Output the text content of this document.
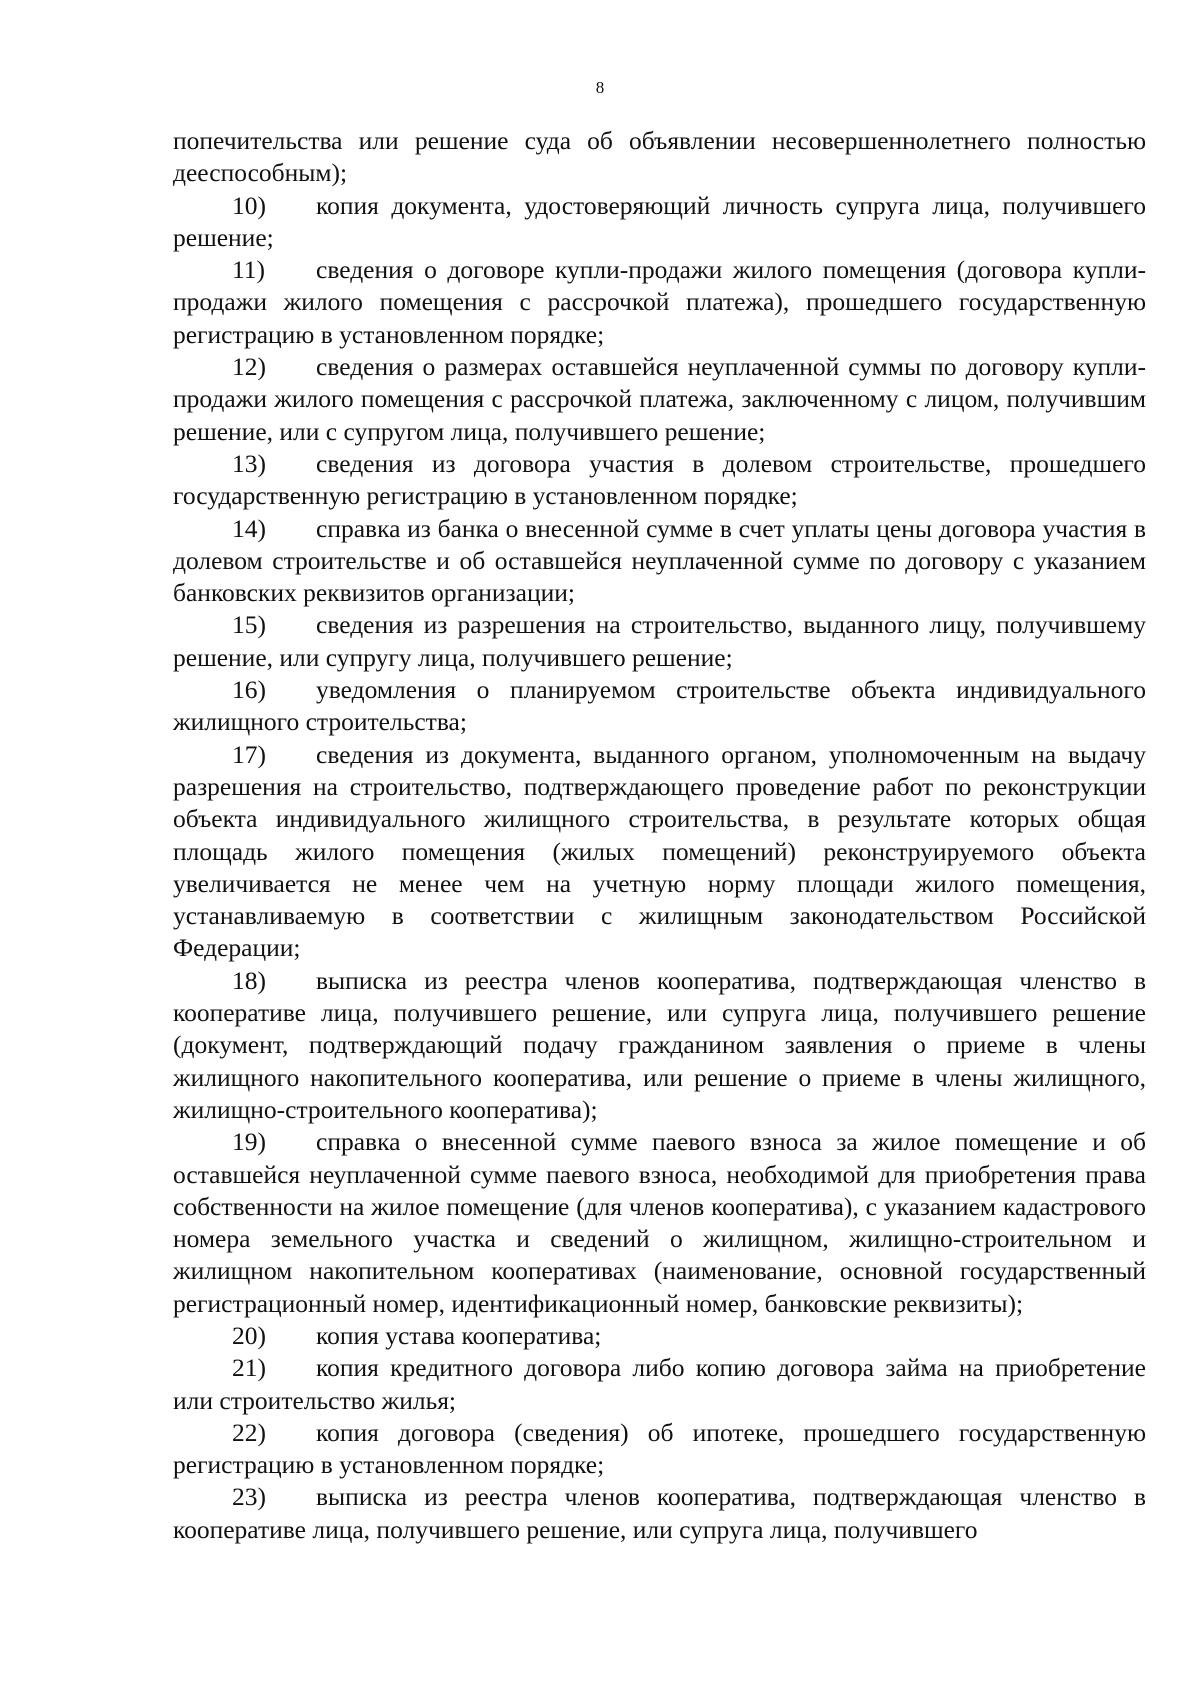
8

попечительства или решение суда об объявлении несовершеннолетнего полностью дееспособным);

10) копия документа, удостоверяющий личность супруга лица, получившего решение;

11) сведения о договоре купли-продажи жилого помещения (договора купли-продажи жилого помещения с рассрочкой платежа), прошедшего государственную регистрацию в установленном порядке;

12) сведения о размерах оставшейся неуплаченной суммы по договору купли-продажи жилого помещения с рассрочкой платежа, заключенному с лицом, получившим решение, или с супругом лица, получившего решение;

13) сведения из договора участия в долевом строительстве, прошедшего государственную регистрацию в установленном порядке;

14) справка из банка о внесенной сумме в счет уплаты цены договора участия в долевом строительстве и об оставшейся неуплаченной сумме по договору с указанием банковских реквизитов организации;

15) сведения из разрешения на строительство, выданного лицу, получившему решение, или супругу лица, получившего решение;

16) уведомления о планируемом строительстве объекта индивидуального жилищного строительства;

17) сведения из документа, выданного органом, уполномоченным на выдачу разрешения на строительство, подтверждающего проведение работ по реконструкции объекта индивидуального жилищного строительства, в результате которых общая площадь жилого помещения (жилых помещений) реконструируемого объекта увеличивается не менее чем на учетную норму площади жилого помещения, устанавливаемую в соответствии с жилищным законодательством Российской Федерации;

18) выписка из реестра членов кооператива, подтверждающая членство в кооперативе лица, получившего решение, или супруга лица, получившего решение (документ, подтверждающий подачу гражданином заявления о приеме в члены жилищного накопительного кооператива, или решение о приеме в члены жилищного, жилищно-строительного кооператива);

19) справка о внесенной сумме паевого взноса за жилое помещение и об оставшейся неуплаченной сумме паевого взноса, необходимой для приобретения права собственности на жилое помещение (для членов кооператива), с указанием кадастрового номера земельного участка и сведений о жилищном, жилищно-строительном и жилищном накопительном кооперативах (наименование, основной государственный регистрационный номер, идентификационный номер, банковские реквизиты);

20) копия устава кооператива;

21) копия кредитного договора либо копию договора займа на приобретение или строительство жилья;

22) копия договора (сведения) об ипотеке, прошедшего государственную регистрацию в установленном порядке;

23) выписка из реестра членов кооператива, подтверждающая членство в кооперативе лица, получившего решение, или супруга лица, получившего
